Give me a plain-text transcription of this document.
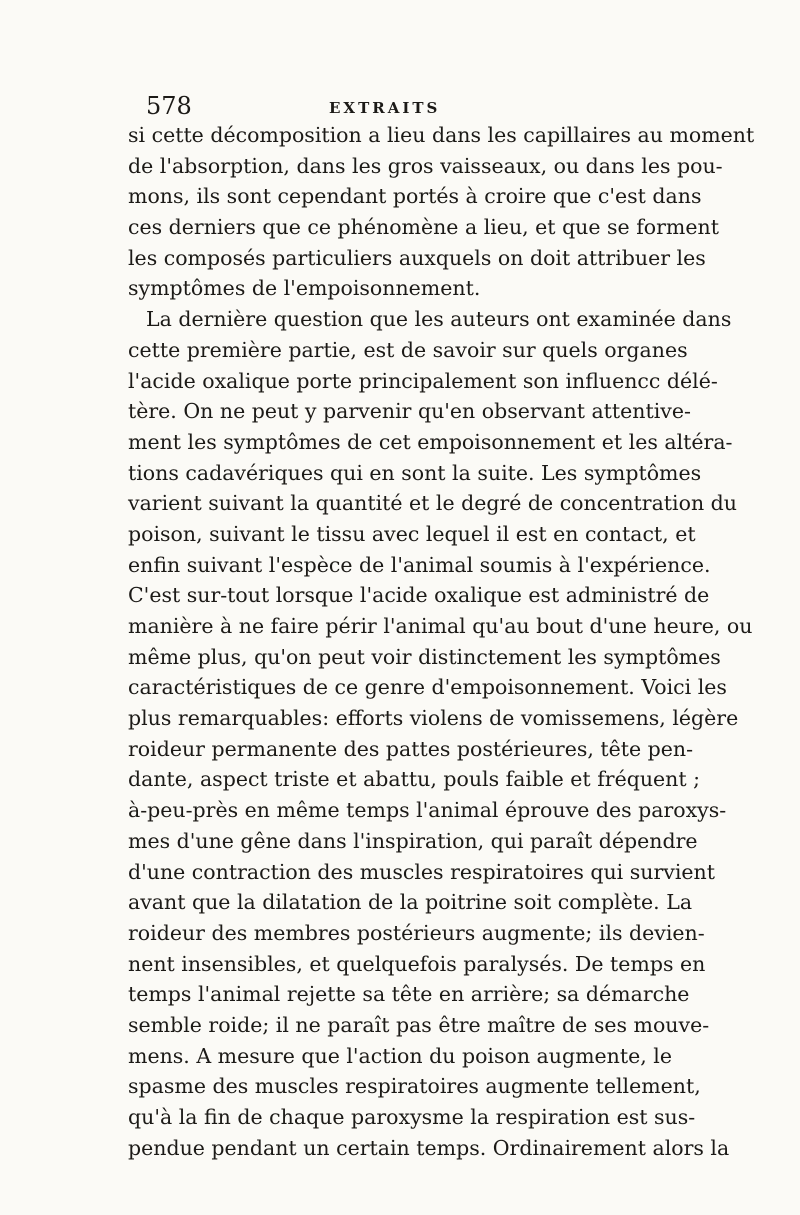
578	EXTRAITS
si cette décomposition a lieu dans les capillaires au moment
de l'absorption, dans les gros vaisseaux, ou dans les pou-
mons, ils sont cependant portés à croire que c'est dans
ces derniers que ce phénomène a lieu, et que se forment
les composés particuliers auxquels on doit attribuer les
symptômes de l'empoisonnement.
La dernière question que les auteurs ont examinée dans
cette première partie, est de savoir sur quels organes
l'acide oxalique porte principalement son influencc délé-
tère. On ne peut y parvenir qu'en observant attentive-
ment les symptômes de cet empoisonnement et les altéra-
tions cadavériques qui en sont la suite. Les symptômes
varient suivant la quantité et le degré de concentration du
poison, suivant le tissu avec lequel il est en contact, et
enfin suivant l'espèce de l'animal soumis à l'expérience.
C'est sur-tout lorsque l'acide oxalique est administré de
manière à ne faire périr l'animal qu'au bout d'une heure, ou
même plus, qu'on peut voir distinctement les symptômes
caractéristiques de ce genre d'empoisonnement. Voici les
plus remarquables: efforts violens de vomissemens, légère
roideur permanente des pattes postérieures, tête pen-
dante, aspect triste et abattu, pouls faible et fréquent ;
à-peu-près en même temps l'animal éprouve des paroxys-
mes d'une gêne dans l'inspiration, qui paraît dépendre
d'une contraction des muscles respiratoires qui survient
avant que la dilatation de la poitrine soit complète. La
roideur des membres postérieurs augmente; ils devien-
nent insensibles, et quelquefois paralysés. De temps en
temps l'animal rejette sa tête en arrière; sa démarche
semble roide; il ne paraît pas être maître de ses mouve-
mens. A mesure que l'action du poison augmente, le
spasme des muscles respiratoires augmente tellement,
qu'à la fin de chaque paroxysme la respiration est sus-
pendue pendant un certain temps. Ordinairement alors la
